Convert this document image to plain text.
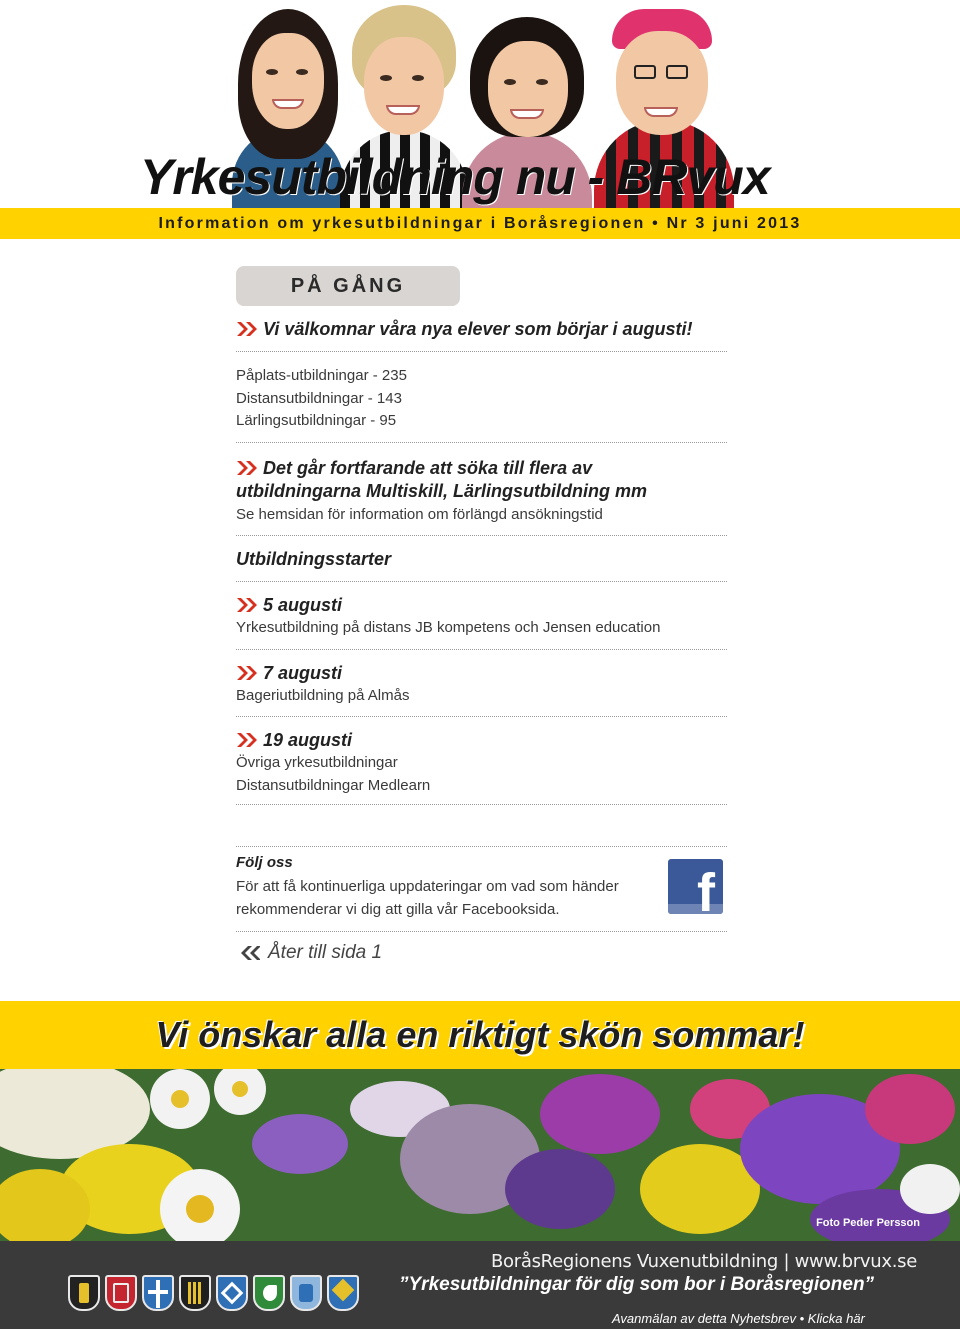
Yrkesutbildning nu - BRvux
Information om yrkesutbildningar i Boråsregionen • Nr 3 juni 2013
PÅ GÅNG
Vi välkomnar våra nya elever som börjar i augusti!
Påplats-utbildningar - 235
Distansutbildningar - 143
Lärlingsutbildningar - 95
Det går fortfarande att söka till flera av
utbildningarna Multiskill, Lärlingsutbildning mm
Se hemsidan för information om förlängd ansökningstid
Utbildningsstarter
5 augusti
Yrkesutbildning på distans JB kompetens och Jensen education
7 augusti
Bageriutbildning på Almås
19 augusti
Övriga yrkesutbildningar
Distansutbildningar Medlearn
Följ oss
För att få kontinuerliga uppdateringar om vad som händer
rekommenderar vi dig att gilla vår Facebooksida.	f
Åter till sida 1
Vi önskar alla en riktigt skön sommar!
Foto Peder Persson
BoråsRegionens Vuxenutbildning | www.brvux.se
”Yrkesutbildningar för dig som bor i Boråsregionen”
Avanmälan av detta Nyhetsbrev • Klicka här
